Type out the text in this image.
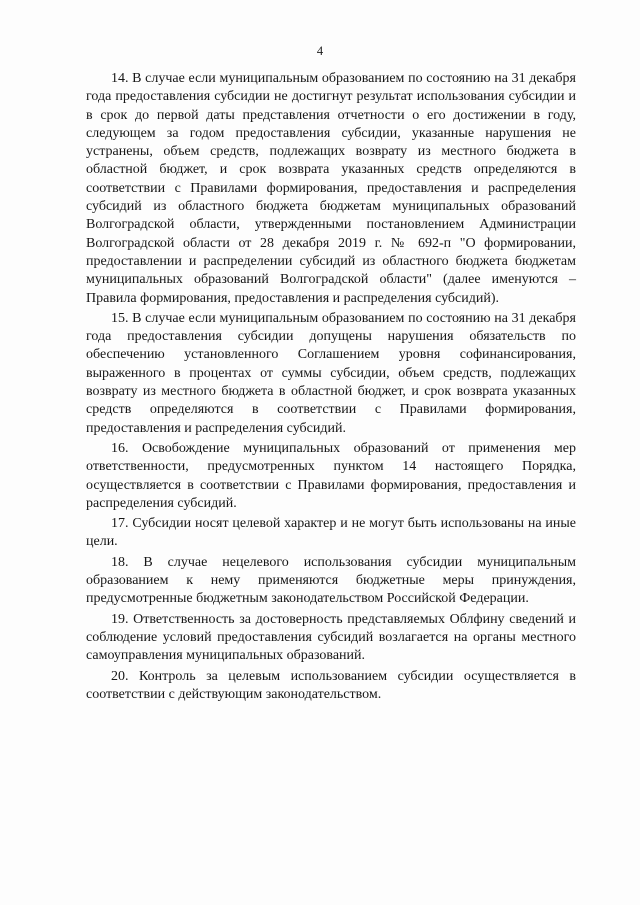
4

14. В случае если муниципальным образованием по состоянию на 31 декабря года предоставления субсидии не достигнут результат использования субсидии и в срок до первой даты представления отчетности о его достижении в году, следующем за годом предоставления субсидии, указанные нарушения не устранены, объем средств, подлежащих возврату из местного бюджета в областной бюджет, и срок возврата указанных средств определяются в соответствии с Правилами формирования, предоставления и распределения субсидий из областного бюджета бюджетам муниципальных образований Волгоградской области, утвержденными постановлением Администрации Волгоградской области от 28 декабря 2019 г. № 692-п "О формировании, предоставлении и распределении субсидий из областного бюджета бюджетам муниципальных образований Волгоградской области" (далее именуются – Правила формирования, предоставления и распределения субсидий).

15. В случае если муниципальным образованием по состоянию на 31 декабря года предоставления субсидии допущены нарушения обязательств по обеспечению установленного Соглашением уровня софинансирования, выраженного в процентах от суммы субсидии, объем средств, подлежащих возврату из местного бюджета в областной бюджет, и срок возврата указанных средств определяются в соответствии с Правилами формирования, предоставления и распределения субсидий.

16. Освобождение муниципальных образований от применения мер ответственности, предусмотренных пунктом 14 настоящего Порядка, осуществляется в соответствии с Правилами формирования, предоставления и распределения субсидий.

17. Субсидии носят целевой характер и не могут быть использованы на иные цели.

18. В случае нецелевого использования субсидии муниципальным образованием к нему применяются бюджетные меры принуждения, предусмотренные бюджетным законодательством Российской Федерации.

19. Ответственность за достоверность представляемых Облфину сведений и соблюдение условий предоставления субсидий возлагается на органы местного самоуправления муниципальных образований.

20. Контроль за целевым использованием субсидии осуществляется в соответствии с действующим законодательством.
